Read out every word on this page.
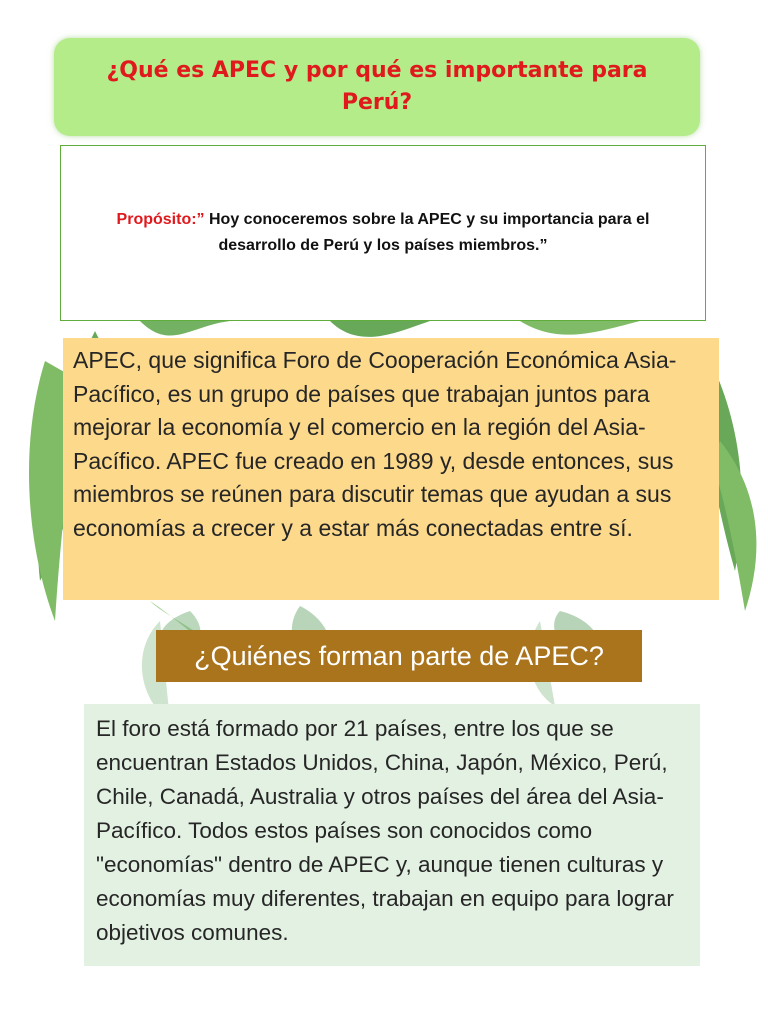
¿Qué es APEC y por qué es importante para Perú?
Propósito:” Hoy conoceremos sobre la APEC y su importancia para el desarrollo de Perú y los países miembros.”

APEC, que significa Foro de Cooperación Económica Asia-Pacífico, es un grupo de países que trabajan juntos para mejorar la economía y el comercio en la región del Asia-Pacífico. APEC fue creado en 1989 y, desde entonces, sus miembros se reúnen para discutir temas que ayudan a sus economías a crecer y a estar más conectadas entre sí.

¿Quiénes forman parte de APEC?

El foro está formado por 21 países, entre los que se encuentran Estados Unidos, China, Japón, México, Perú, Chile, Canadá, Australia y otros países del área del Asia-Pacífico. Todos estos países son conocidos como "economías" dentro de APEC y, aunque tienen culturas y economías muy diferentes, trabajan en equipo para lograr objetivos comunes.
